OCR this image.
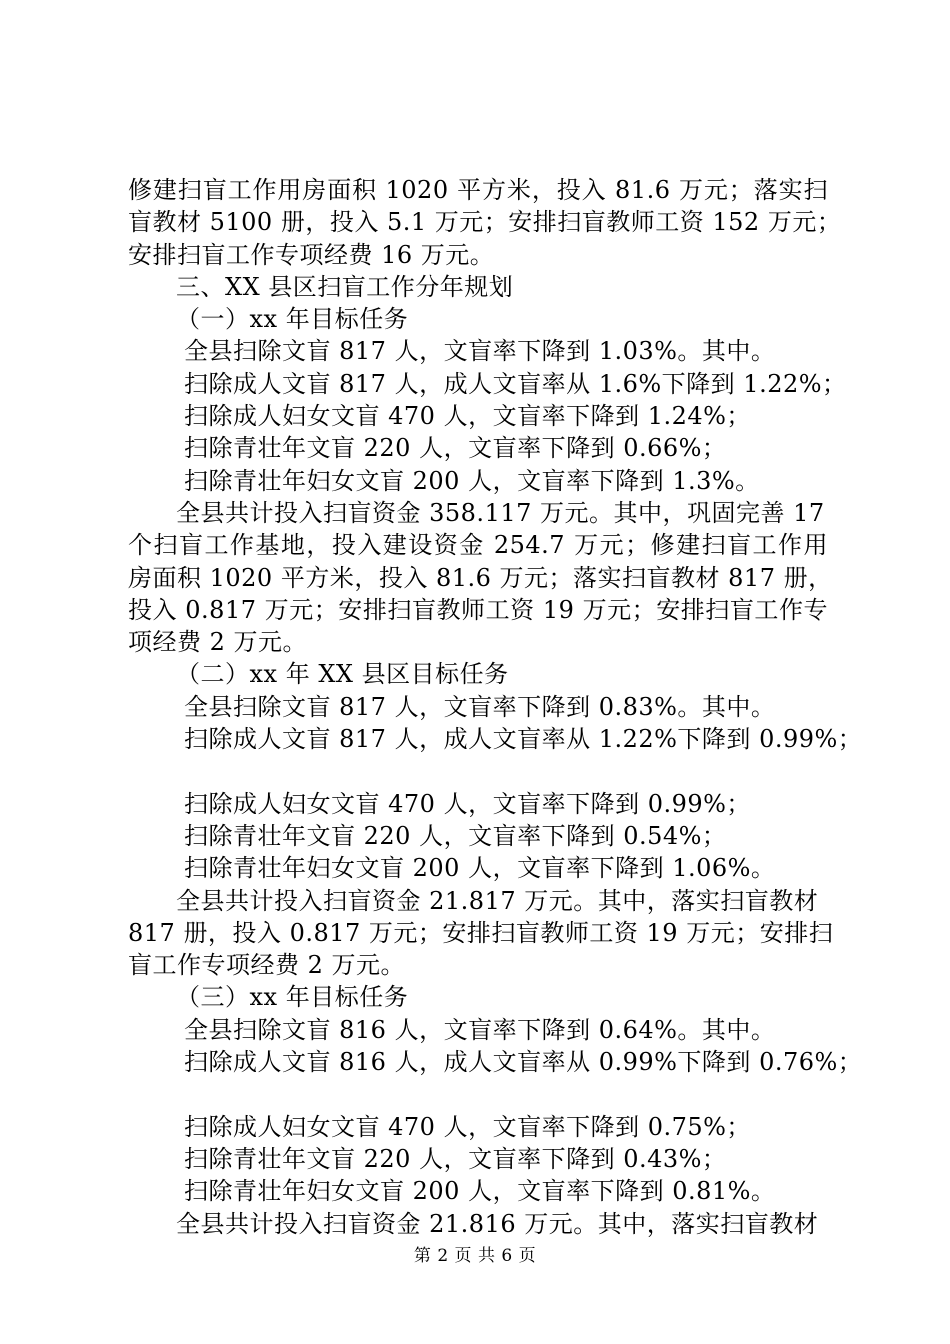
修建扫盲工作用房面积 1020 平方米，投入 81.6 万元；落实扫
盲教材 5100 册，投入 5.1 万元；安排扫盲教师工资 152 万元；
安排扫盲工作专项经费 16 万元。
三、XX 县区扫盲工作分年规划
（一）xx 年目标任务
全县扫除文盲 817 人，文盲率下降到 1.03%。其中。
扫除成人文盲 817 人，成人文盲率从 1.6%下降到 1.22%；
扫除成人妇女文盲 470 人，文盲率下降到 1.24%；
扫除青壮年文盲 220 人，文盲率下降到 0.66%；
扫除青壮年妇女文盲 200 人，文盲率下降到 1.3%。
全县共计投入扫盲资金 358.117 万元。其中，巩固完善 17
个扫盲工作基地，投入建设资金 254.7 万元；修建扫盲工作用
房面积 1020 平方米，投入 81.6 万元；落实扫盲教材 817 册，
投入 0.817 万元；安排扫盲教师工资 19 万元；安排扫盲工作专
项经费 2 万元。
（二）xx 年 XX 县区目标任务
全县扫除文盲 817 人，文盲率下降到 0.83%。其中。
扫除成人文盲 817 人，成人文盲率从 1.22%下降到 0.99%；
扫除成人妇女文盲 470 人，文盲率下降到 0.99%；
扫除青壮年文盲 220 人，文盲率下降到 0.54%；
扫除青壮年妇女文盲 200 人，文盲率下降到 1.06%。
全县共计投入扫盲资金 21.817 万元。其中，落实扫盲教材
817 册，投入 0.817 万元；安排扫盲教师工资 19 万元；安排扫
盲工作专项经费 2 万元。
（三）xx 年目标任务
全县扫除文盲 816 人，文盲率下降到 0.64%。其中。
扫除成人文盲 816 人，成人文盲率从 0.99%下降到 0.76%；
扫除成人妇女文盲 470 人，文盲率下降到 0.75%；
扫除青壮年文盲 220 人，文盲率下降到 0.43%；
扫除青壮年妇女文盲 200 人，文盲率下降到 0.81%。
全县共计投入扫盲资金 21.816 万元。其中，落实扫盲教材
第 2 页 共 6 页
